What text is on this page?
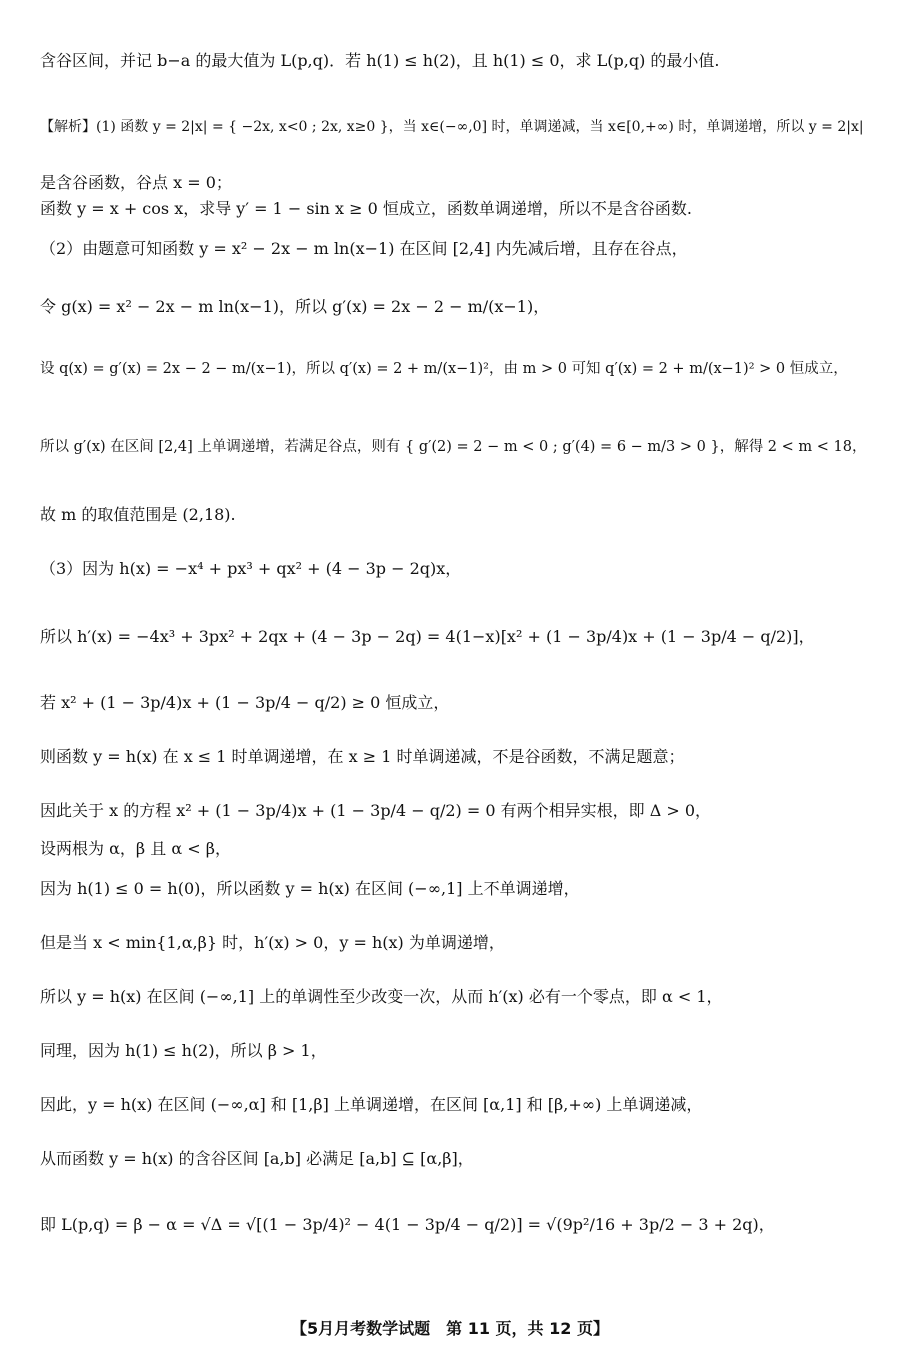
含谷区间，并记 b−a 的最大值为 L(p,q)．若 h(1) ≤ h(2)，且 h(1) ≤ 0，求 L(p,q) 的最小值.
【解析】(1) 函数 y = 2|x| = { −2x, x<0 ; 2x, x≥0 }，当 x∈(−∞,0] 时，单调递减，当 x∈[0,+∞) 时，单调递增，所以 y = 2|x|
是含谷函数，谷点 x = 0；
函数 y = x + cos x，求导 y′ = 1 − sin x ≥ 0 恒成立，函数单调递增，所以不是含谷函数.
（2）由题意可知函数 y = x² − 2x − m ln(x−1) 在区间 [2,4] 内先减后增，且存在谷点，
令 g(x) = x² − 2x − m ln(x−1)，所以 g′(x) = 2x − 2 − m/(x−1)，
设 q(x) = g′(x) = 2x − 2 − m/(x−1)，所以 q′(x) = 2 + m/(x−1)²，由 m > 0 可知 q′(x) = 2 + m/(x−1)² > 0 恒成立，
所以 g′(x) 在区间 [2,4] 上单调递增，若满足谷点，则有 { g′(2) = 2 − m < 0 ; g′(4) = 6 − m/3 > 0 }，解得 2 < m < 18，
故 m 的取值范围是 (2,18).
（3）因为 h(x) = −x⁴ + px³ + qx² + (4 − 3p − 2q)x，
所以 h′(x) = −4x³ + 3px² + 2qx + (4 − 3p − 2q) = 4(1−x)[x² + (1 − 3p/4)x + (1 − 3p/4 − q/2)]，
若 x² + (1 − 3p/4)x + (1 − 3p/4 − q/2) ≥ 0 恒成立，
则函数 y = h(x) 在 x ≤ 1 时单调递增，在 x ≥ 1 时单调递减，不是谷函数，不满足题意；
因此关于 x 的方程 x² + (1 − 3p/4)x + (1 − 3p/4 − q/2) = 0 有两个相异实根，即 Δ > 0，
设两根为 α，β 且 α < β，
因为 h(1) ≤ 0 = h(0)，所以函数 y = h(x) 在区间 (−∞,1] 上不单调递增，
但是当 x < min{1,α,β} 时，h′(x) > 0，y = h(x) 为单调递增，
所以 y = h(x) 在区间 (−∞,1] 上的单调性至少改变一次，从而 h′(x) 必有一个零点，即 α < 1，
同理，因为 h(1) ≤ h(2)，所以 β > 1，
因此，y = h(x) 在区间 (−∞,α] 和 [1,β] 上单调递增，在区间 [α,1] 和 [β,+∞) 上单调递减，
从而函数 y = h(x) 的含谷区间 [a,b] 必满足 [a,b] ⊆ [α,β]，
即 L(p,q) = β − α = √Δ = √[(1 − 3p/4)² − 4(1 − 3p/4 − q/2)] = √(9p²/16 + 3p/2 − 3 + 2q)，
【5月月考数学试题　第 11 页，共 12 页】
